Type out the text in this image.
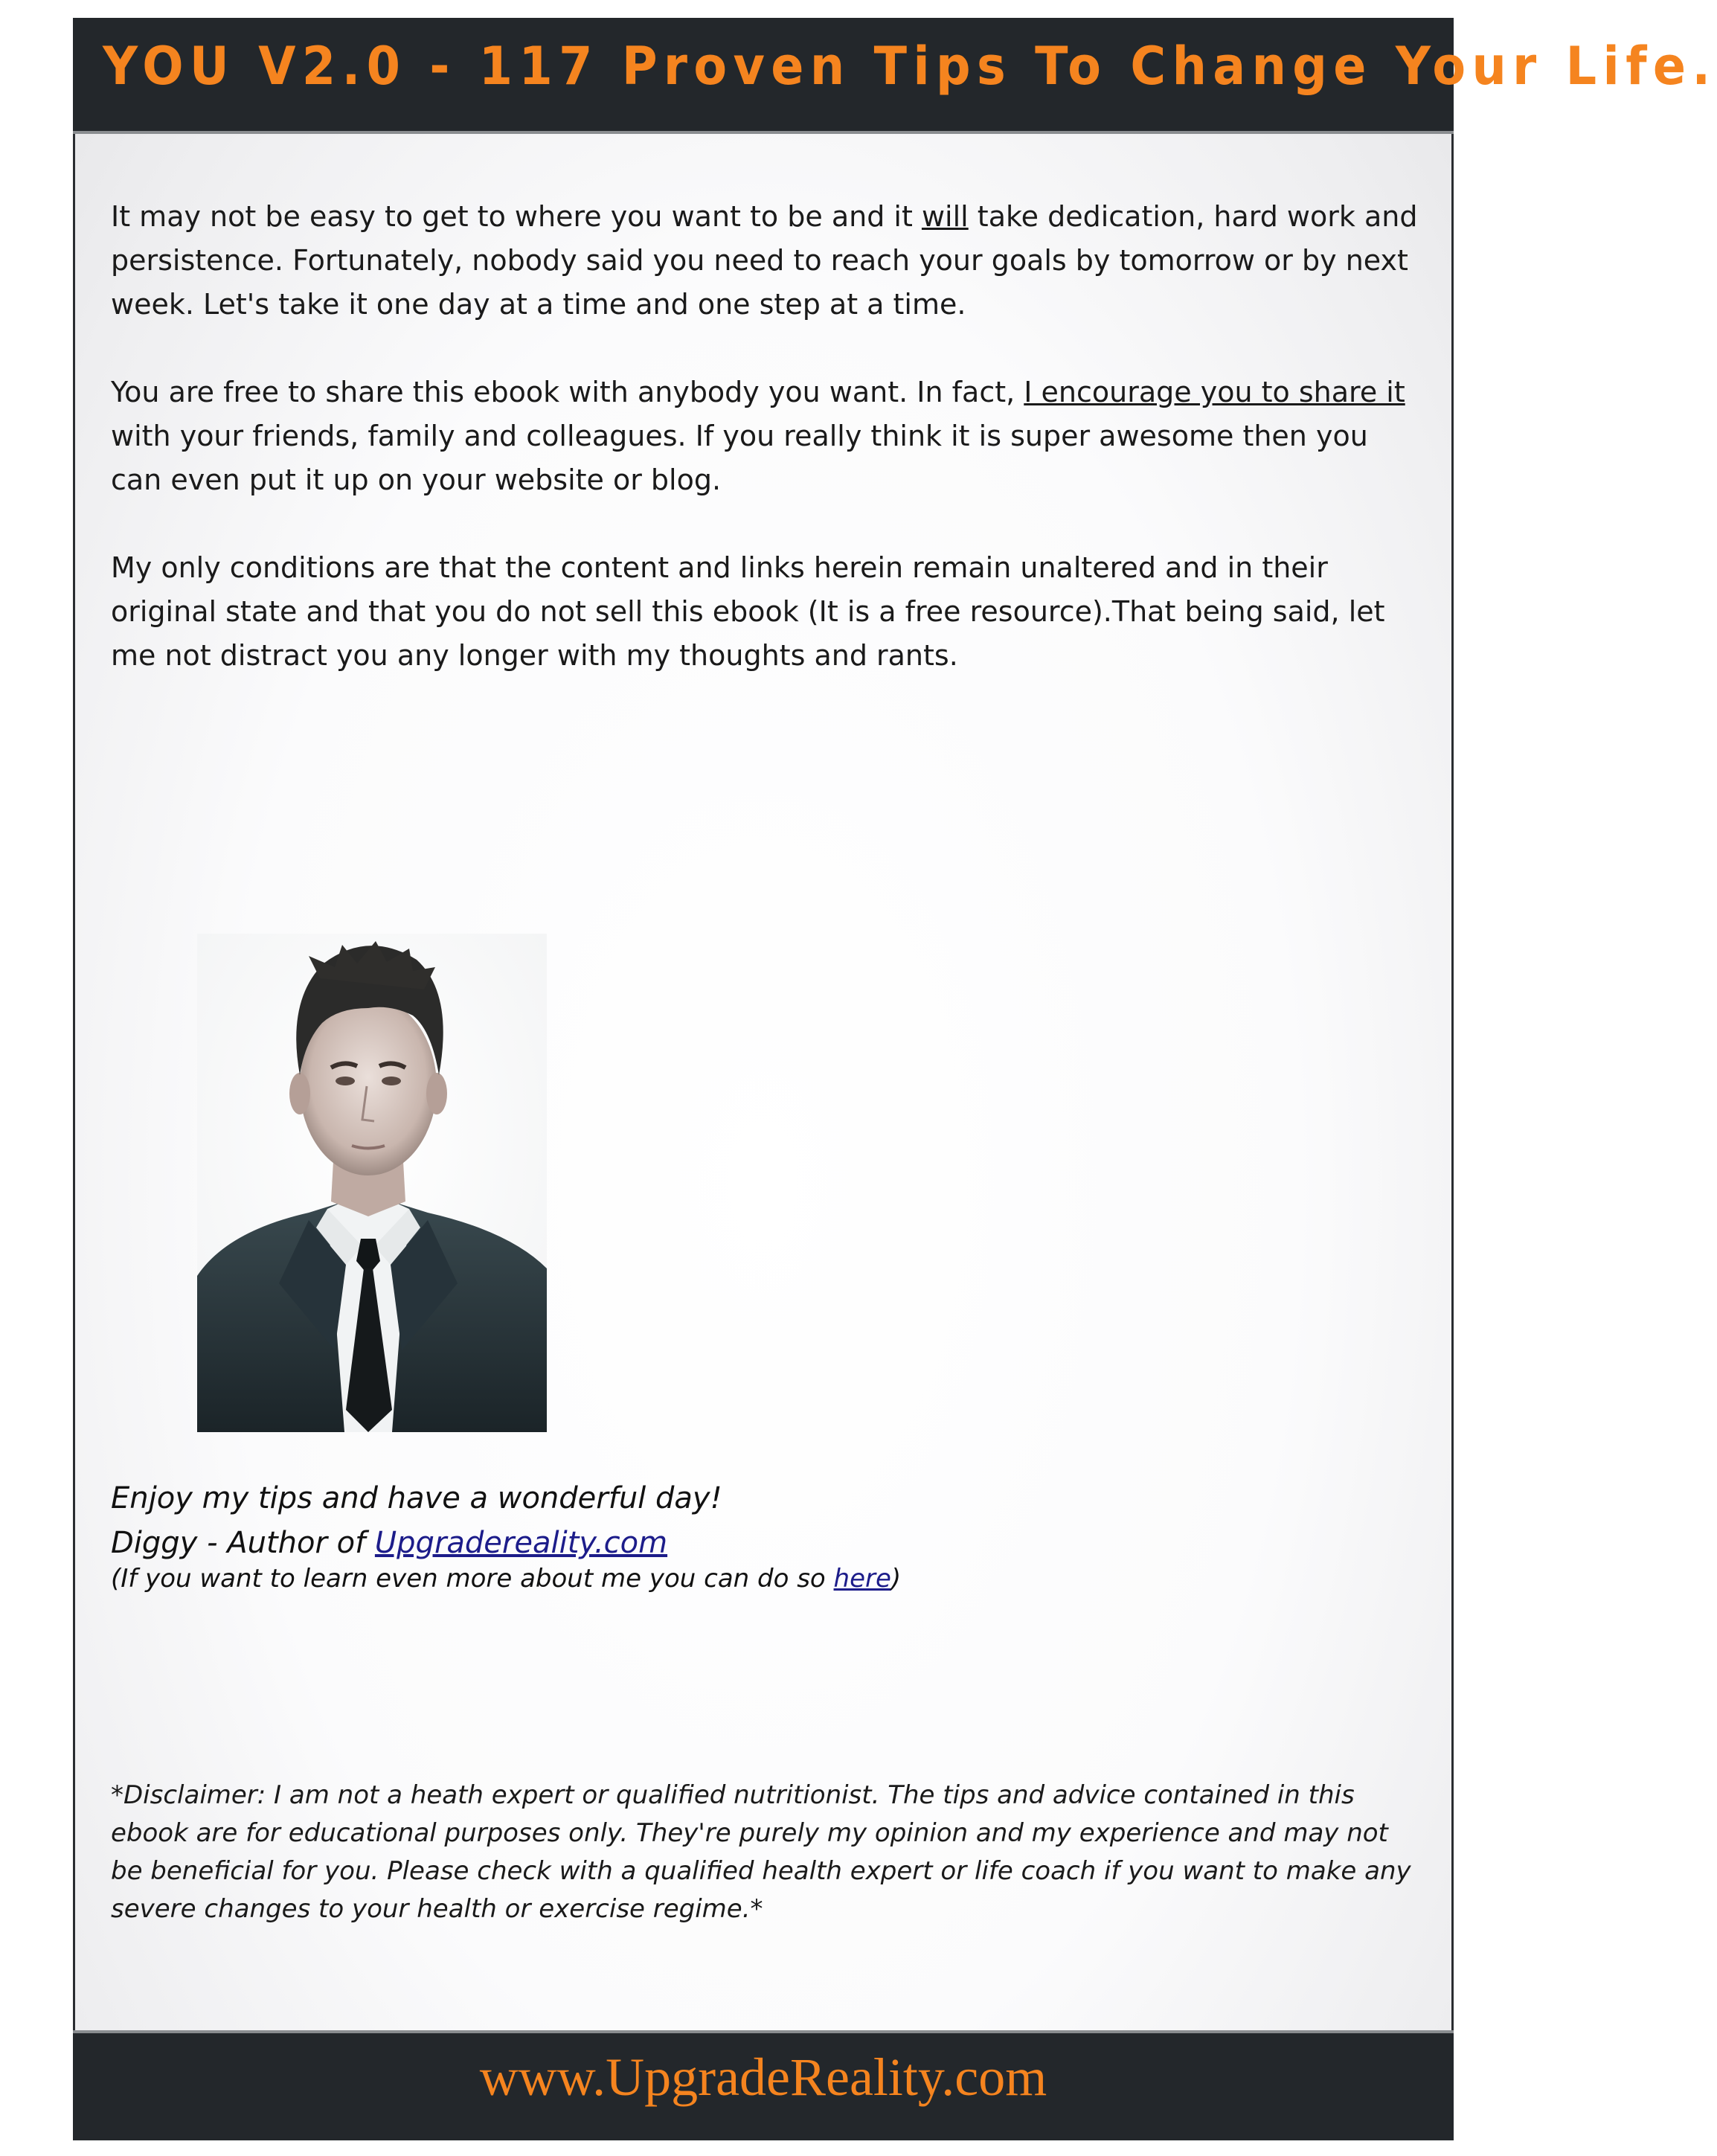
YOU V2.0 - 117 Proven Tips To Change Your Life.

It may not be easy to get to where you want to be and it will take dedication, hard work and persistence. Fortunately, nobody said you need to reach your goals by tomorrow or by next week. Let's take it one day at a time and one step at a time.

You are free to share this ebook with anybody you want. In fact, I encourage you to share it with your friends, family and colleagues. If you really think it is super awesome then you can even put it up on your website or blog.

My only conditions are that the content and links herein remain unaltered and in their original state and that you do not sell this ebook (It is a free resource).That being said, let me not distract you any longer with my thoughts and rants.

Enjoy my tips and have a wonderful day!
Diggy - Author of Upgradereality.com

(If you want to learn even more about me you can do so here)

*Disclaimer: I am not a heath expert or qualified nutritionist. The tips and advice contained in this ebook are for educational purposes only. They're purely my opinion and my experience and may not be beneficial for you. Please check with a qualified health expert or life coach if you want to make any severe changes to your health or exercise regime.*

www.UpgradeReality.com
